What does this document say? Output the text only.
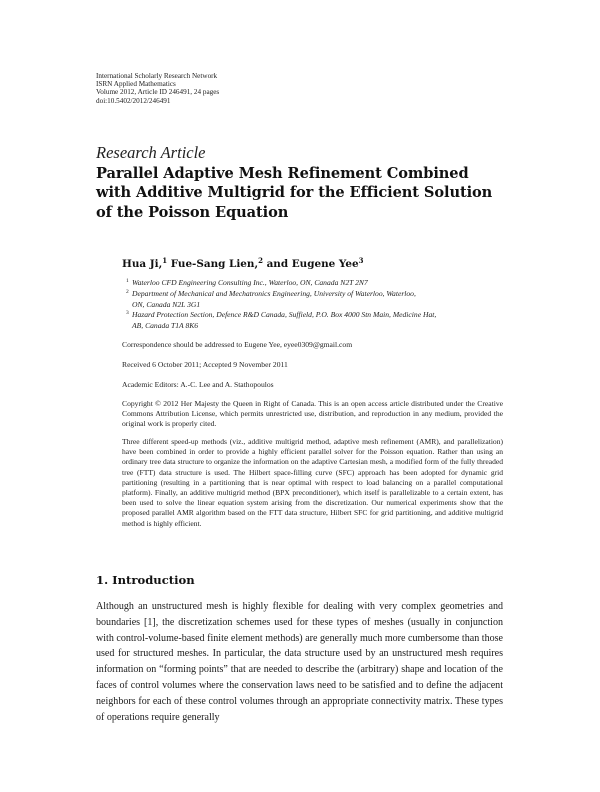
International Scholarly Research Network
ISRN Applied Mathematics
Volume 2012, Article ID 246491, 24 pages
doi:10.5402/2012/246491
Research Article
Parallel Adaptive Mesh Refinement Combined
with Additive Multigrid for the Efficient Solution
of the Poisson Equation
Hua Ji,$^1$ Fue-Sang Lien,$^2$ and Eugene Yee$^3$
1 Waterloo CFD Engineering Consulting Inc., Waterloo, ON, Canada N2T 2N7
2 Department of Mechanical and Mechatronics Engineering, University of Waterloo, Waterloo,
ON, Canada N2L 3G1
3 Hazard Protection Section, Defence R&D Canada, Suffield, P.O. Box 4000 Stn Main, Medicine Hat,
AB, Canada T1A 8K6
Correspondence should be addressed to Eugene Yee, eyee0309@gmail.com
Received 6 October 2011; Accepted 9 November 2011
Academic Editors: A.-C. Lee and A. Stathopoulos
Copyright © 2012 Her Majesty the Queen in Right of Canada. This is an open access article distributed under the Creative Commons Attribution License, which permits unrestricted use, distribution, and reproduction in any medium, provided the original work is properly cited.
Three different speed-up methods (viz., additive multigrid method, adaptive mesh refinement (AMR), and parallelization) have been combined in order to provide a highly efficient parallel solver for the Poisson equation. Rather than using an ordinary tree data structure to organize the information on the adaptive Cartesian mesh, a modified form of the fully threaded tree (FTT) data structure is used. The Hilbert space-filling curve (SFC) approach has been adopted for dynamic grid partitioning (resulting in a partitioning that is near optimal with respect to load balancing on a parallel computational platform). Finally, an additive multigrid method (BPX preconditioner), which itself is parallelizable to a certain extent, has been used to solve the linear equation system arising from the discretization. Our numerical experiments show that the proposed parallel AMR algorithm based on the FTT data structure, Hilbert SFC for grid partitioning, and additive multigrid method is highly efficient.
1. Introduction
Although an unstructured mesh is highly flexible for dealing with very complex geometries and boundaries [1], the discretization schemes used for these types of meshes (usually in conjunction with control-volume-based finite element methods) are generally much more cumbersome than those used for structured meshes. In particular, the data structure used by an unstructured mesh requires information on “forming points” that are needed to describe the (arbitrary) shape and location of the faces of control volumes where the conservation laws need to be satisfied and to define the adjacent neighbors for each of these control volumes through an appropriate connectivity matrix. These types of operations require generally
